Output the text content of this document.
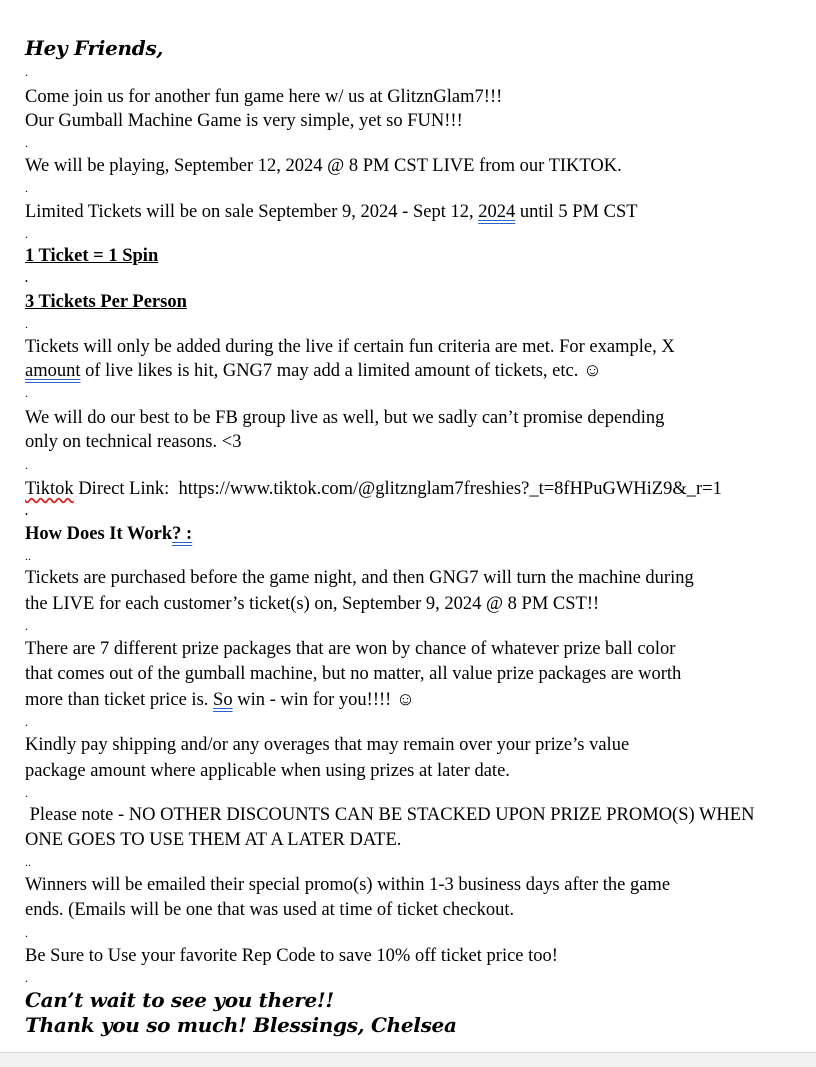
Hey Friends,
.
Come join us for another fun game here w/ us at GlitznGlam7!!!
Our Gumball Machine Game is very simple, yet so FUN!!!
.
We will be playing, September 12, 2024 @ 8 PM CST LIVE from our TIKTOK.
.
Limited Tickets will be on sale September 9, 2024 - Sept 12, 2024 until 5 PM CST
.
1 Ticket = 1 Spin
.
3 Tickets Per Person
.
Tickets will only be added during the live if certain fun criteria are met. For example, X
amount of live likes is hit, GNG7 may add a limited amount of tickets, etc. ☺
.
We will do our best to be FB group live as well, but we sadly can’t promise depending
only on technical reasons. <3
.
Tiktok Direct Link:  https://www.tiktok.com/@glitznglam7freshies?_t=8fHPuGWHiZ9&_r=1
.
How Does It Work? :
..
Tickets are purchased before the game night, and then GNG7 will turn the machine during
the LIVE for each customer’s ticket(s) on, September 9, 2024 @ 8 PM CST!!
.
There are 7 different prize packages that are won by chance of whatever prize ball color
that comes out of the gumball machine, but no matter, all value prize packages are worth
more than ticket price is. So win - win for you!!!! ☺
.
Kindly pay shipping and/or any overages that may remain over your prize’s value
package amount where applicable when using prizes at later date.
.
Please note - NO OTHER DISCOUNTS CAN BE STACKED UPON PRIZE PROMO(S) WHEN
ONE GOES TO USE THEM AT A LATER DATE.
..
Winners will be emailed their special promo(s) within 1-3 business days after the game
ends. (Emails will be one that was used at time of ticket checkout.
.
Be Sure to Use your favorite Rep Code to save 10% off ticket price too!
.
Can’t wait to see you there!!
Thank you so much! Blessings, Chelsea
